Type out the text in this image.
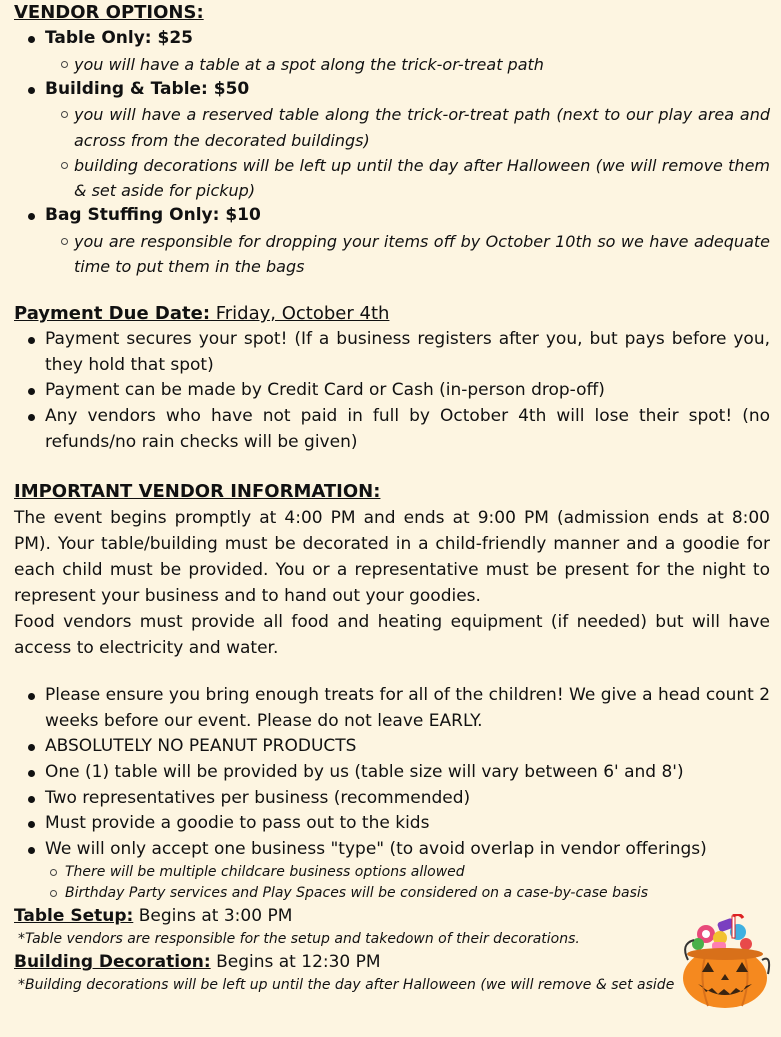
VENDOR OPTIONS:

Table Only: $25
you will have a table at a spot along the trick-or-treat path
Building & Table: $50
you will have a reserved table along the trick-or-treat path (next to our play area and across from the decorated buildings)
building decorations will be left up until the day after Halloween (we will remove them & set aside for pickup)
Bag Stuffing Only: $10
you are responsible for dropping your items off by October 10th so we have adequate time to put them in the bags

Payment Due Date: Friday, October 4th

Payment secures your spot! (If a business registers after you, but pays before you, they hold that spot)
Payment can be made by Credit Card or Cash (in-person drop-off)
Any vendors who have not paid in full by October 4th will lose their spot! (no refunds/no rain checks will be given)

IMPORTANT VENDOR INFORMATION:

The event begins promptly at 4:00 PM and ends at 9:00 PM (admission ends at 8:00 PM). Your table/building must be decorated in a child-friendly manner and a goodie for each child must be provided. You or a representative must be present for the night to represent your business and to hand out your goodies.

Food vendors must provide all food and heating equipment (if needed) but will have access to electricity and water.

Please ensure you bring enough treats for all of the children! We give a head count 2 weeks before our event. Please do not leave EARLY.
ABSOLUTELY NO PEANUT PRODUCTS
One (1) table will be provided by us (table size will vary between 6' and 8')
Two representatives per business (recommended)
Must provide a goodie to pass out to the kids
We will only accept one business "type" (to avoid overlap in vendor offerings)
There will be multiple childcare business options allowed
Birthday Party services and Play Spaces will be considered on a case-by-case basis

Table Setup: Begins at 3:00 PM

*Table vendors are responsible for the setup and takedown of their decorations.

Building Decoration: Begins at 12:30 PM

*Building decorations will be left up until the day after Halloween (we will remove & set aside
